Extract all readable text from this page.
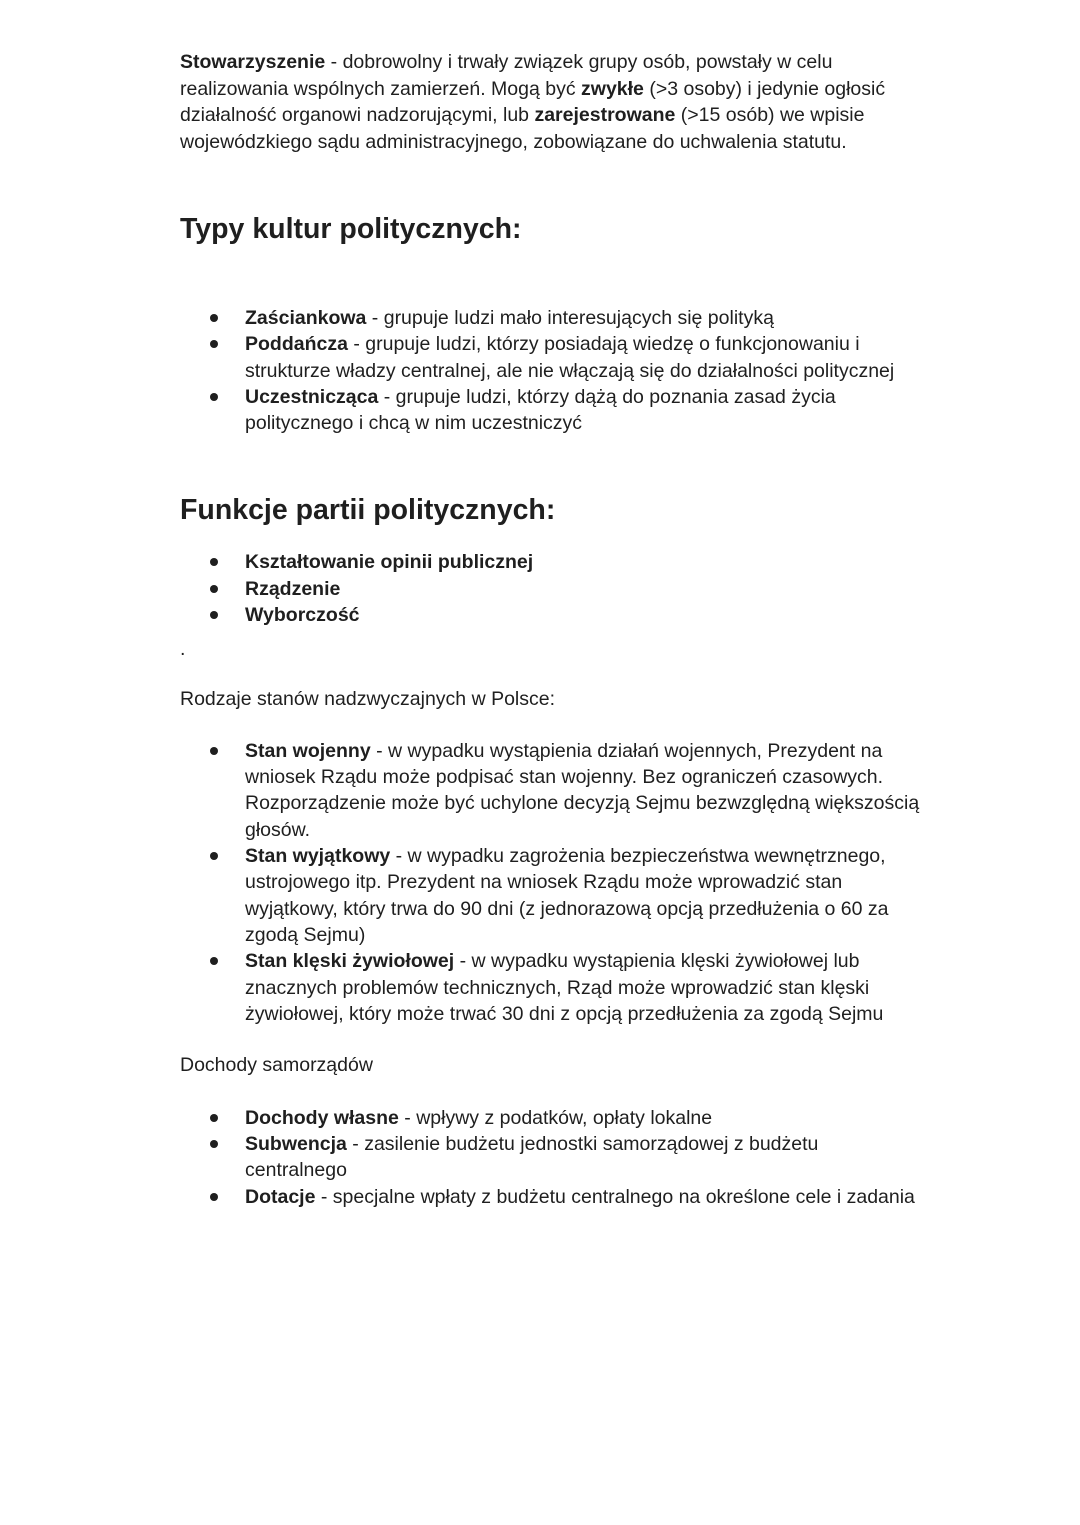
Stowarzyszenie - dobrowolny i trwały związek grupy osób, powstały w celu realizowania wspólnych zamierzeń. Mogą być zwykłe (>3 osoby) i jedynie ogłosić działalność organowi nadzorującymi, lub zarejestrowane (>15 osób) we wpisie wojewódzkiego sądu administracyjnego, zobowiązane do uchwalenia statutu.

Typy kultur politycznych:
Zaściankowa - grupuje ludzi mało interesujących się polityką
Poddańcza - grupuje ludzi, którzy posiadają wiedzę o funkcjonowaniu i strukturze władzy centralnej, ale nie włączają się do działalności politycznej
Uczestnicząca - grupuje ludzi, którzy dążą do poznania zasad życia politycznego i chcą w nim uczestniczyć
Funkcje partii politycznych:
Kształtowanie opinii publicznej
Rządzenie
Wyborczość

.

Rodzaje stanów nadzwyczajnych w Polsce:

Stan wojenny - w wypadku wystąpienia działań wojennych, Prezydent na wniosek Rządu może podpisać stan wojenny. Bez ograniczeń czasowych. Rozporządzenie może być uchylone decyzją Sejmu bezwzględną większością głosów.
Stan wyjątkowy - w wypadku zagrożenia bezpieczeństwa wewnętrznego, ustrojowego itp. Prezydent na wniosek Rządu może wprowadzić stan wyjątkowy, który trwa do 90 dni (z jednorazową opcją przedłużenia o 60 za zgodą Sejmu)
Stan klęski żywiołowej - w wypadku wystąpienia klęski żywiołowej lub znacznych problemów technicznych, Rząd może wprowadzić stan klęski żywiołowej, który może trwać 30 dni z opcją przedłużenia za zgodą Sejmu

Dochody samorządów

Dochody własne - wpływy z podatków, opłaty lokalne
Subwencja - zasilenie budżetu jednostki samorządowej z budżetu centralnego
Dotacje - specjalne wpłaty z budżetu centralnego na określone cele i zadania
